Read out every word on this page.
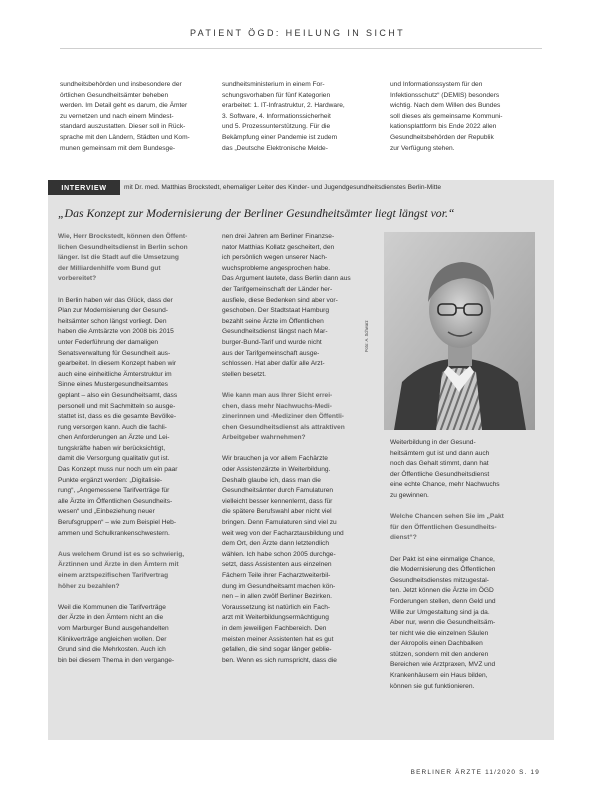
PATIENT ÖGD: HEILUNG IN SICHT

sundheitsbehörden und insbesondere der
örtlichen Gesundheitsämter beheben
werden. Im Detail geht es darum, die Ämter
zu vernetzen und nach einem Mindest-
standard auszustatten. Dieser soll in Rück-
sprache mit den Ländern, Städten und Kom-
munen gemeinsam mit dem Bundesge-

sundheitsministerium in einem For-
schungsvorhaben für fünf Kategorien
erarbeitet: 1. IT-Infrastruktur, 2. Hardware,
3. Software, 4. Informationssicherheit
und 5. Prozessunterstützung. Für die
Bekämpfung einer Pandemie ist zudem
das „Deutsche Elektronische Melde-

und Informationssystem für den
Infektionsschutz“ (DEMIS) besonders
wichtig. Nach dem Willen des Bundes
soll dieses als gemeinsame Kommuni-
kationsplattform bis Ende 2022 allen
Gesundheitsbehörden der Republik
zur Verfügung stehen.

INTERVIEW	mit Dr. med. Matthias Brockstedt, ehemaliger Leiter des Kinder- und Jugendgesundheitsdienstes Berlin-Mitte
„Das Konzept zur Modernisierung der Berliner Gesundheitsämter liegt längst vor.“

Wie, Herr Brockstedt, können den Öffent-
lichen Gesundheitsdienst in Berlin schon
länger. Ist die Stadt auf die Umsetzung
der Milliardenhilfe vom Bund gut
vorbereitet?

In Berlin haben wir das Glück, dass der
Plan zur Modernisierung der Gesund-
heitsämter schon längst vorliegt. Den
haben die Amtsärzte von 2008 bis 2015
unter Federführung der damaligen
Senatsverwaltung für Gesundheit aus-
gearbeitet. In diesem Konzept haben wir
auch eine einheitliche Ämterstruktur im
Sinne eines Mustergesundheitsamtes
geplant – also ein Gesundheitsamt, dass
personell und mit Sachmitteln so ausge-
stattet ist, dass es die gesamte Bevölke-
rung versorgen kann. Auch die fachli-
chen Anforderungen an Ärzte und Lei-
tungskräfte haben wir berücksichtigt,
damit die Versorgung qualitativ gut ist.
Das Konzept muss nur noch um ein paar
Punkte ergänzt werden: „Digitalisie-
rung“, „Angemessene Tarifverträge für
alle Ärzte im Öffentlichen Gesundheits-
wesen“ und „Einbeziehung neuer
Berufsgruppen“ – wie zum Beispiel Heb-
ammen und Schulkrankenschwestern.

Aus welchem Grund ist es so schwierig,
Ärztinnen und Ärzte in den Ämtern mit
einem arztspezifischen Tarifvertrag
höher zu bezahlen?

Weil die Kommunen die Tarifverträge
der Ärzte in den Ämtern nicht an die
vom Marburger Bund ausgehandelten
Klinikverträge angleichen wollen. Der
Grund sind die Mehrkosten. Auch ich
bin bei diesem Thema in den vergange-

nen drei Jahren am Berliner Finanzse-
nator Matthias Kollatz gescheitert, den
ich persönlich wegen unserer Nach-
wuchsprobleme angesprochen habe.
Das Argument lautete, dass Berlin dann aus
der Tarifgemeinschaft der Länder her-
ausfiele, diese Bedenken sind aber vor-
geschoben. Der Stadtstaat Hamburg
bezahlt seine Ärzte im Öffentlichen
Gesundheitsdienst längst nach Mar-
burger-Bund-Tarif und wurde nicht
aus der Tarifgemeinschaft ausge-
schlossen. Hat aber dafür alle Arzt-
stellen besetzt.

Wie kann man aus Ihrer Sicht errei-
chen, dass mehr Nachwuchs-Medi-
zinerinnen und -Mediziner den Öffentli-
chen Gesundheitsdienst als attraktiven
Arbeitgeber wahrnehmen?

Wir brauchen ja vor allem Fachärzte
oder Assistenzärzte in Weiterbildung.
Deshalb glaube ich, dass man die
Gesundheitsämter durch Famulaturen
vielleicht besser kennenlernt, dass für
die spätere Berufswahl aber nicht viel
bringen. Denn Famulaturen sind viel zu
weit weg von der Facharztausbildung und
dem Ort, den Ärzte dann letztendlich
wählen. Ich habe schon 2005 durchge-
setzt, dass Assistenten aus einzelnen
Fächern Teile ihrer Facharztweiterbil-
dung im Gesundheitsamt machen kön-
nen – in allen zwölf Berliner Bezirken.
Voraussetzung ist natürlich ein Fach-
arzt mit Weiterbildungsermächtigung
in dem jeweiligen Fachbereich. Den
meisten meiner Assistenten hat es gut
gefallen, die sind sogar länger geblie-
ben. Wenn es sich rumspricht, dass die

Foto: A. Schwarz

Weiterbildung in der Gesund-
heitsämtern gut ist und dann auch
noch das Gehalt stimmt, dann hat
der Öffentliche Gesundheitsdienst
eine echte Chance, mehr Nachwuchs
zu gewinnen.

Welche Chancen sehen Sie im „Pakt
für den Öffentlichen Gesundheits-
dienst“?

Der Pakt ist eine einmalige Chance,
die Modernisierung des Öffentlichen
Gesundheitsdienstes mitzugestal-
ten. Jetzt können die Ärzte im ÖGD
Forderungen stellen, denn Geld und
Wille zur Umgestaltung sind ja da.
Aber nur, wenn die Gesundheitsäm-
ter nicht wie die einzelnen Säulen
der Akropolis einen Dachbalken
stützen, sondern mit den anderen
Bereichen wie Arztpraxen, MVZ und
Krankenhäusern ein Haus bilden,
können sie gut funktionieren.

BERLINER ÄRZTE 11/2020 S. 19
